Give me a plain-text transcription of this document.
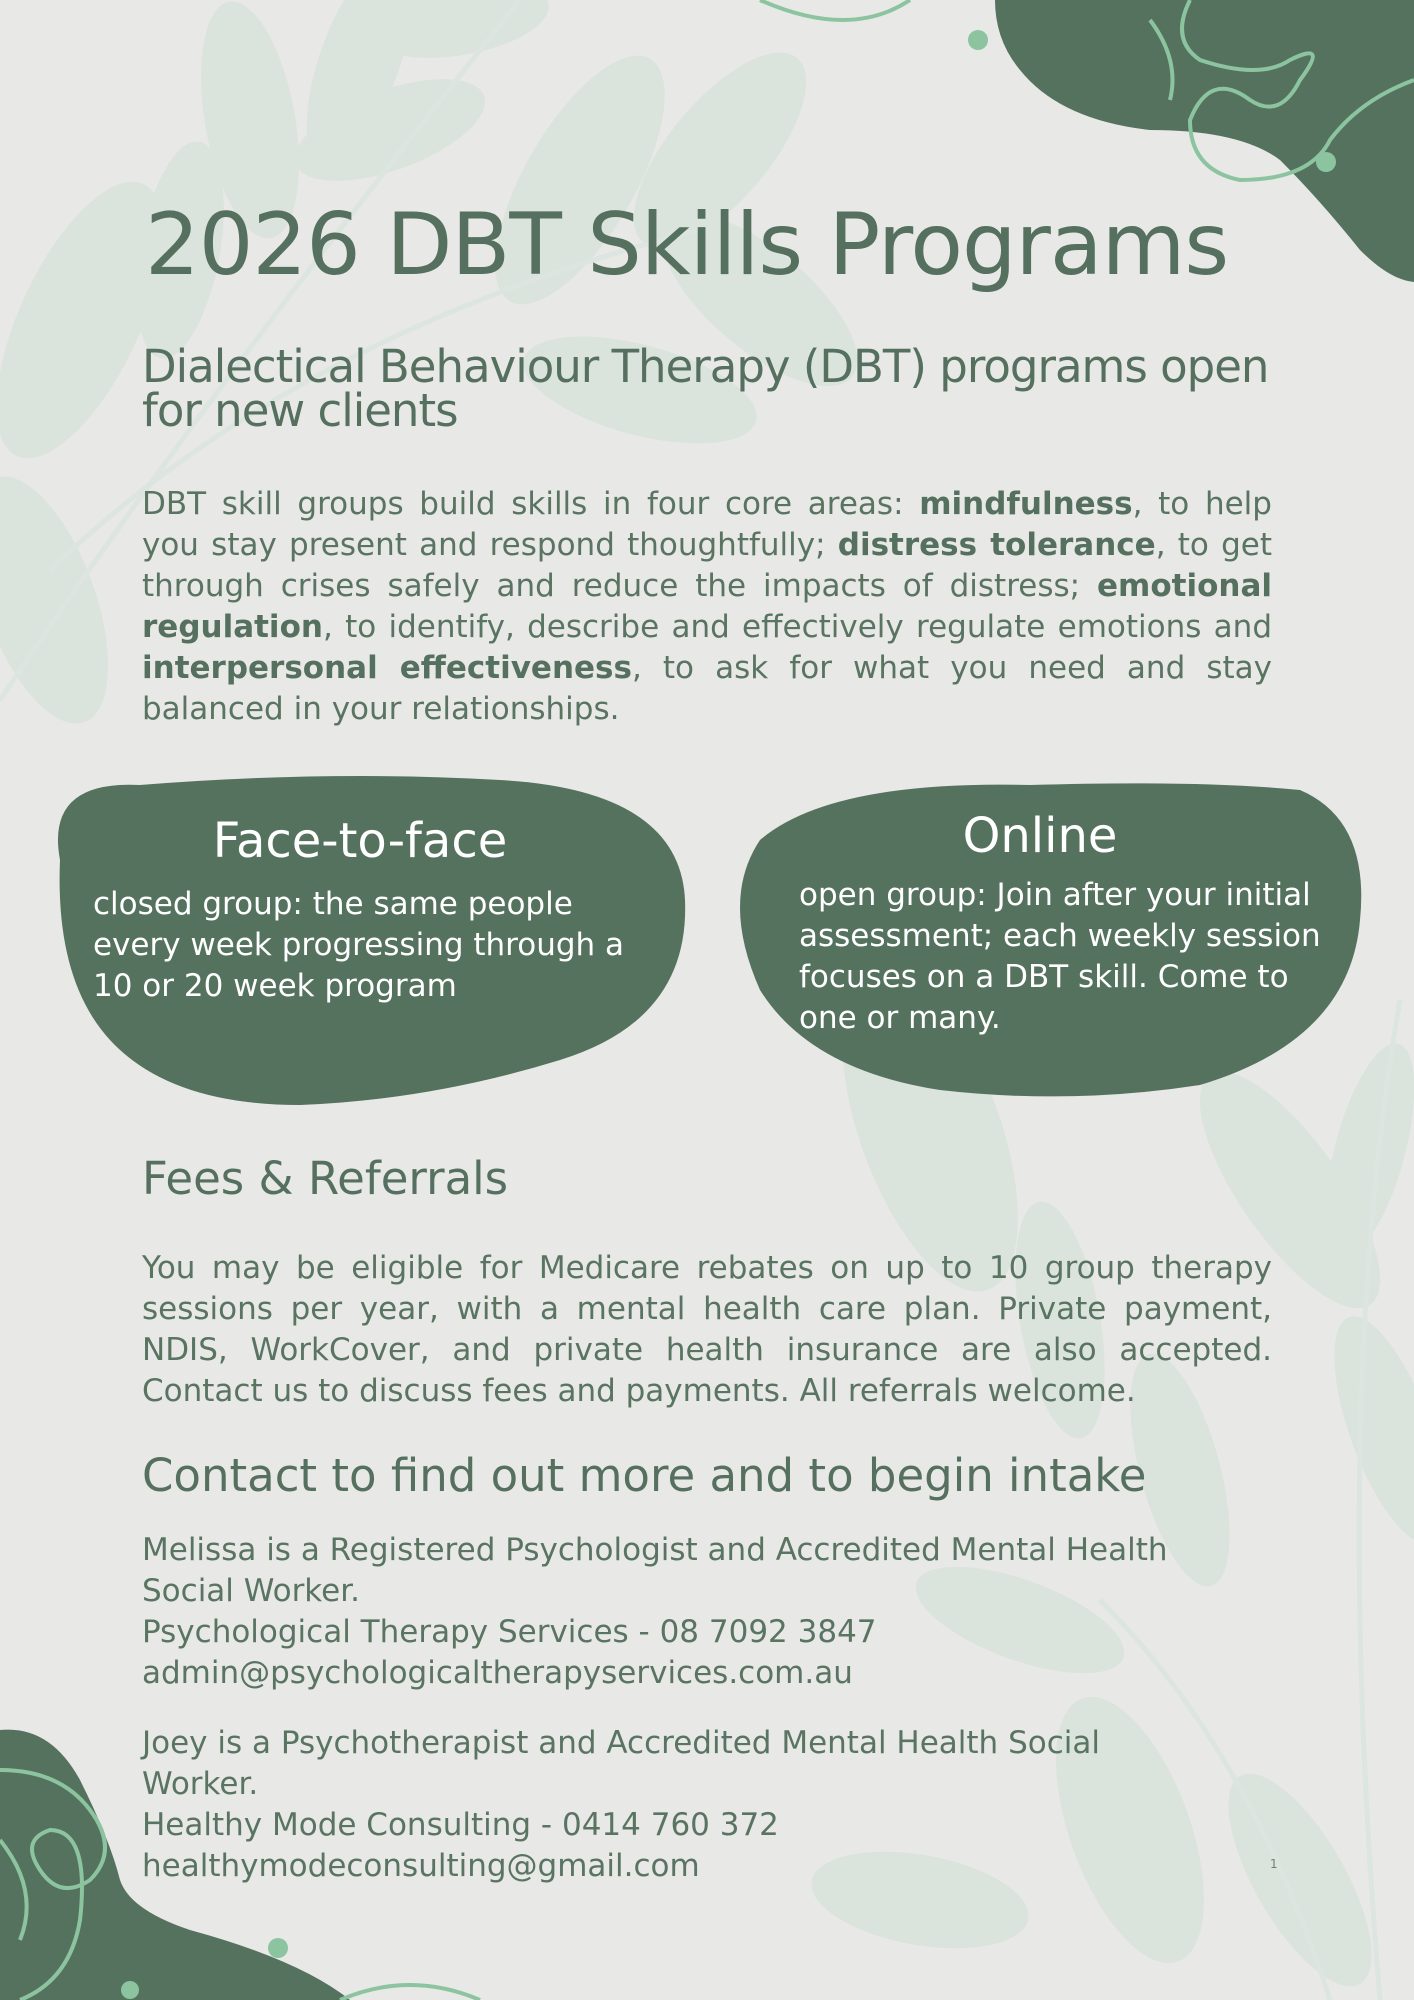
2026 DBT Skills Programs
Dialectical Behaviour Therapy (DBT) programs open for new clients

DBT skill groups build skills in four core areas: mindfulness, to help you stay present and respond thoughtfully; distress tolerance, to get through crises safely and reduce the impacts of distress; emotional regulation, to identify, describe and effectively regulate emotions and interpersonal effectiveness, to ask for what you need and stay balanced in your relationships.

Face-to-face

closed group: the same people every week progressing through a 10 or 20 week program

Online

open group: Join after your initial assessment; each weekly session focuses on a DBT skill. Come to one or many.

Fees & Referrals

You may be eligible for Medicare rebates on up to 10 group therapy sessions per year, with a mental health care plan. Private payment, NDIS, WorkCover, and private health insurance are also accepted. Contact us to discuss fees and payments. All referrals welcome.

Contact to find out more and to begin intake
Melissa is a Registered Psychologist and Accredited Mental Health Social Worker.
Psychological Therapy Services - 08 7092 3847
admin@psychologicaltherapyservices.com.au
Joey is a Psychotherapist and Accredited Mental Health Social Worker.
Healthy Mode Consulting - 0414 760 372
healthymodeconsulting@gmail.com	1
